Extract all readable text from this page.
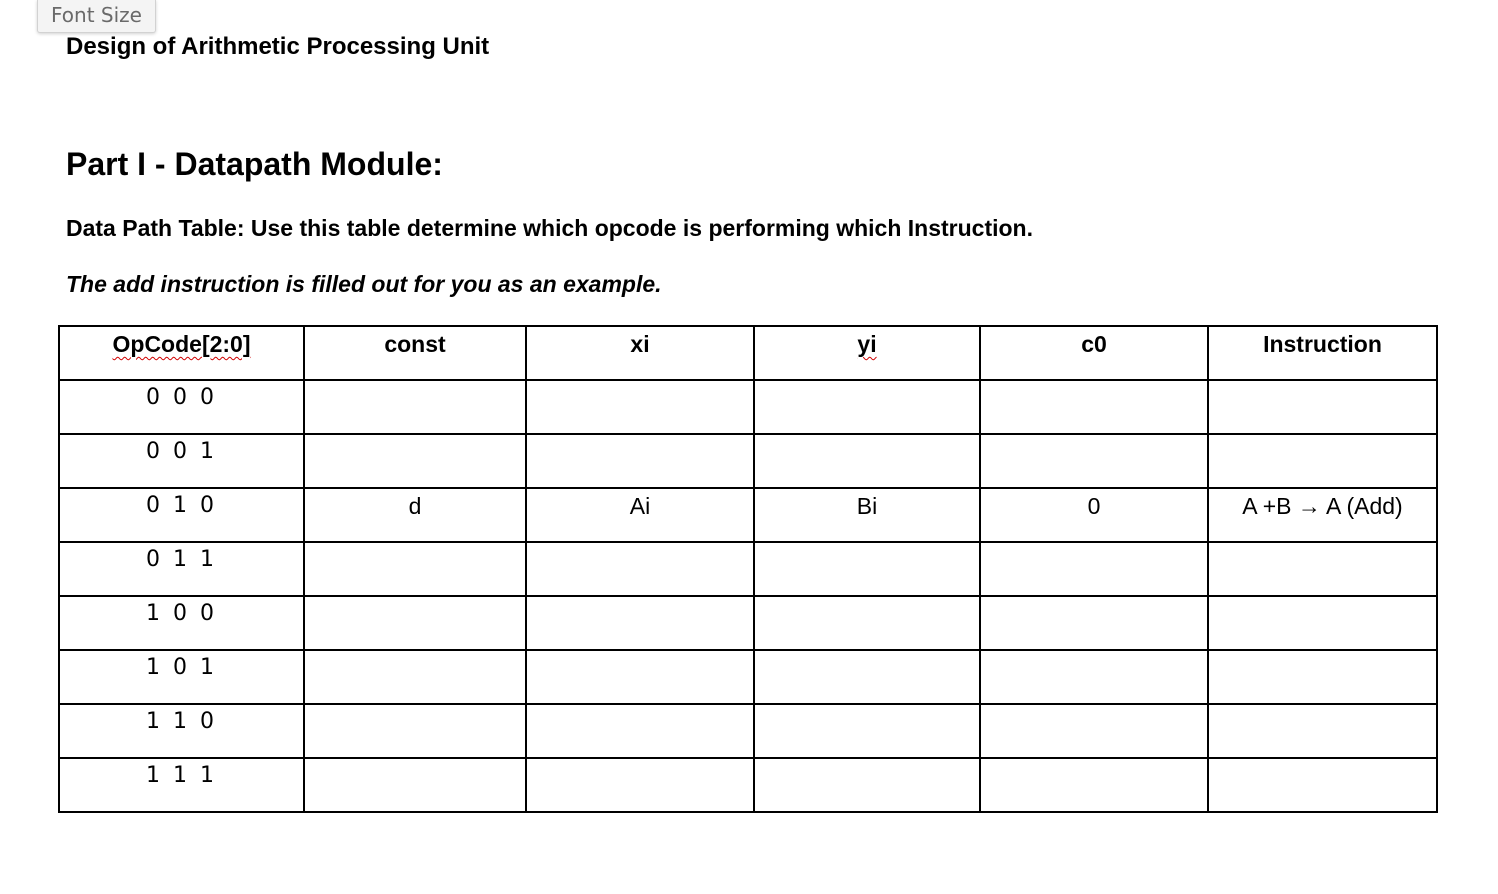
Font Size
Design of Arithmetic Processing Unit
Part I - Datapath Module:
Data Path Table: Use this table determine which opcode is performing which Instruction.
The add instruction is filled out for you as an example.
OpCode[2:0]	const	xi	yi	c0	Instruction
0 0 0					
0 0 1					
0 1 0	d	Ai	Bi	0	A +B → A (Add)
0 1 1					
1 0 0					
1 0 1					
1 1 0					
1 1 1					
